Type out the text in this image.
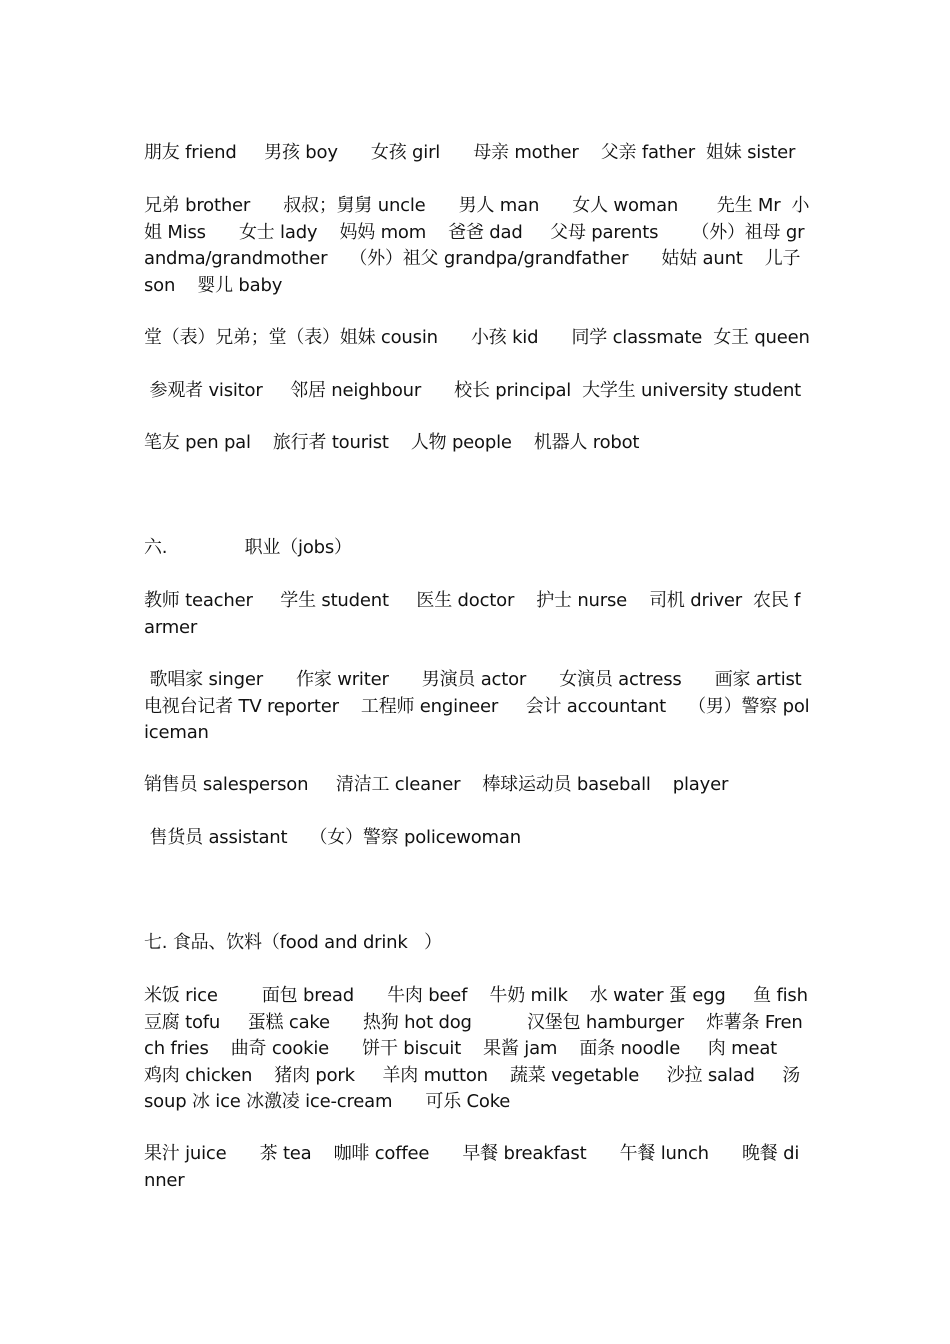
朋友 friend     男孩 boy      女孩 girl      母亲 mother    父亲 father  姐妹 sister
兄弟 brother      叔叔；舅舅 uncle      男人 man      女人 woman       先生 Mr  小姐 Miss      女士 lady    妈妈 mom    爸爸 dad     父母 parents      （外）祖母 grandma/grandmother    （外）祖父 grandpa/grandfather      姑姑 aunt    儿子 son    婴儿 baby
堂（表）兄弟；堂（表）姐妹 cousin      小孩 kid      同学 classmate  女王 queen
参观者 visitor     邻居 neighbour      校长 principal  大学生 university student
笔友 pen pal    旅行者 tourist    人物 people    机器人 robot
六.              职业（jobs）
教师 teacher     学生 student     医生 doctor    护士 nurse    司机 driver  农民 farmer
歌唱家 singer      作家 writer      男演员 actor      女演员 actress      画家 artist      电视台记者 TV reporter    工程师 engineer     会计 accountant    （男）警察 policeman
销售员 salesperson     清洁工 cleaner    棒球运动员 baseball    player
售货员 assistant    （女）警察 policewoman
七. 食品、饮料（food and drink   ）
米饭 rice        面包 bread      牛肉 beef    牛奶 milk    水 water 蛋 egg     鱼 fish     豆腐 tofu     蛋糕 cake      热狗 hot dog          汉堡包 hamburger    炸薯条 French fries    曲奇 cookie      饼干 biscuit    果酱 jam    面条 noodle     肉 meat     鸡肉 chicken    猪肉 pork     羊肉 mutton    蔬菜 vegetable     沙拉 salad     汤 soup 冰 ice 冰激凌 ice-cream      可乐 Coke
果汁 juice      茶 tea    咖啡 coffee      早餐 breakfast      午餐 lunch      晚餐 dinner
